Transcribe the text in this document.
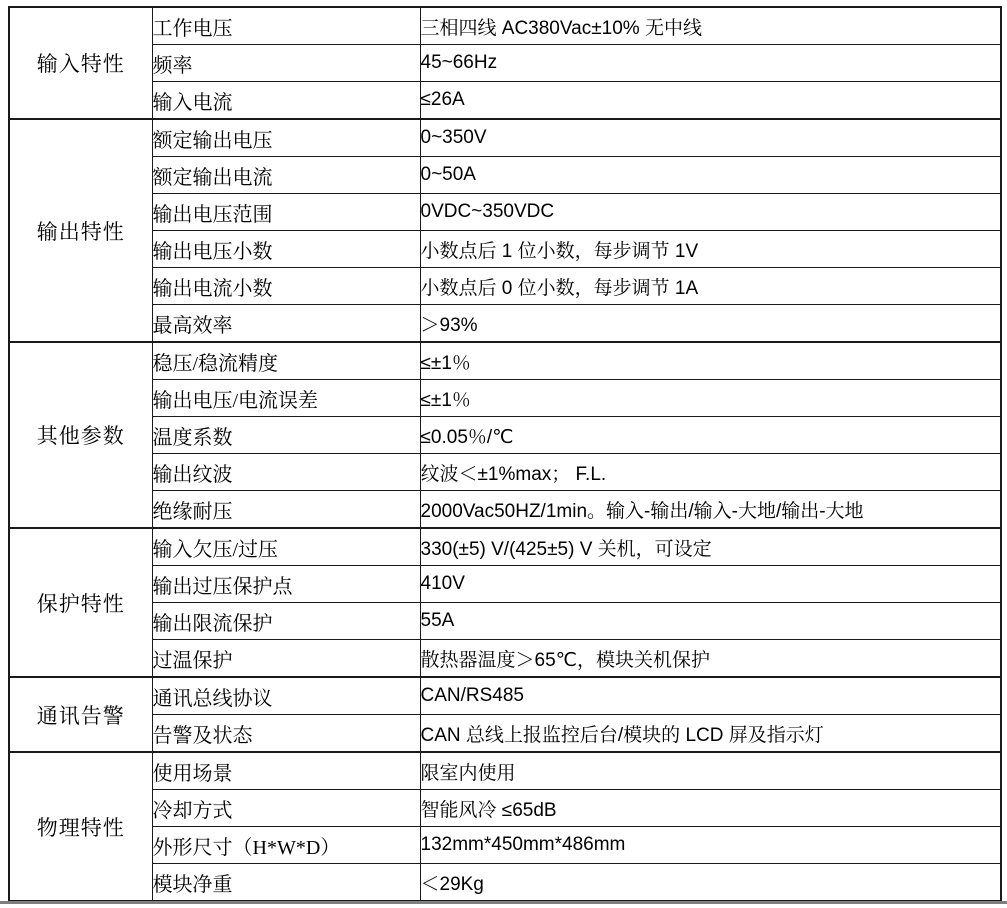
输入特性	工作电压	三相四线 AC380Vac±10% 无中线
	频率	45~66Hz
	输入电流	≤26A
输出特性	额定输出电压	0~350V
	额定输出电流	0~50A
	输出电压范围	0VDC~350VDC
	输出电压小数	小数点后 1 位小数，每步调节 1V
	输出电流小数	小数点后 0 位小数，每步调节 1A
	最高效率	＞93%
其他参数	稳压/稳流精度	≤±1％
	输出电压/电流误差	≤±1％
	温度系数	≤0.05％/℃
	输出纹波	纹波＜±1%max； F.L.
	绝缘耐压	2000Vac50HZ/1min。输入-输出/输入-大地/输出-大地
保护特性	输入欠压/过压	330(±5) V/(425±5) V 关机，可设定
	输出过压保护点	410V
	输出限流保护	55A
	过温保护	散热器温度＞65℃，模块关机保护
通讯告警	通讯总线协议	CAN/RS485
	告警及状态	CAN 总线上报监控后台/模块的 LCD 屏及指示灯
物理特性	使用场景	限室内使用
	冷却方式	智能风冷 ≤65dB
	外形尺寸（H*W*D）	132mm*450mm*486mm
	模块净重	＜29Kg
